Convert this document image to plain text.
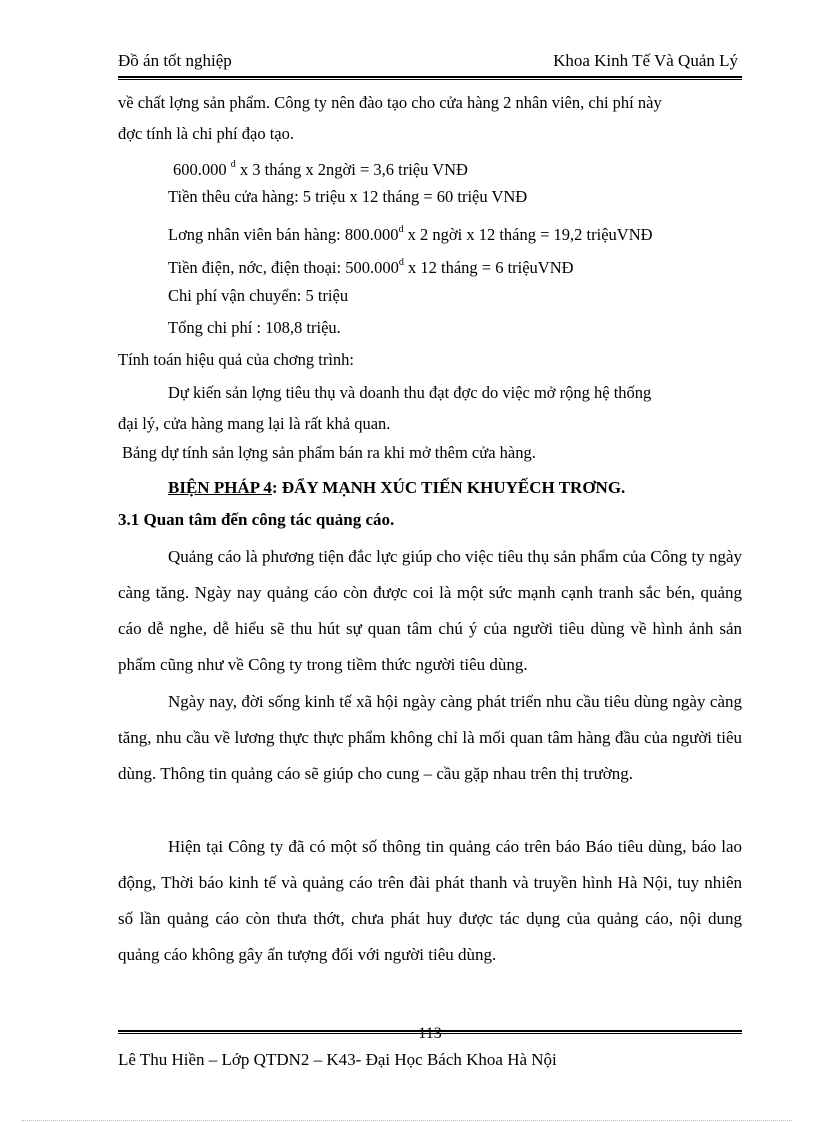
Đồ án tốt nghiệp	Khoa Kinh Tế Và Quản Lý
về chất lợng sản phẩm. Công ty nên đào tạo cho cửa hàng 2 nhân viên, chi phí này
đợc tính là chi phí đạo tạo.
600.000 $^d$ x 3 tháng x 2ngời = 3,6 triệu VNĐ
Tiền thêu cửa hàng: 5 triệu x 12 tháng = 60 triệu VNĐ
Lơng nhân viên bán hàng: 800.000$^d$ x 2 ngời x 12 tháng = 19,2 triệuVNĐ
Tiền điện, nớc, điện thoại: 500.000$^d$ x 12 tháng = 6 triệuVNĐ
Chi phí vận chuyển: 5 triệu
Tổng chi phí : 108,8 triệu.
Tính toán hiệu quả của chơng trình:
Dự kiến sản lợng tiêu thụ và doanh thu đạt đợc do việc mở rộng hệ thống
đại lý, cửa hàng mang lại là rất khả quan.
Bảng dự tính sản lợng sản phẩm bán ra khi mở thêm cửa hàng.
BIỆN PHÁP 4: ĐẨY MẠNH XÚC TIẾN KHUYẾCH TRƠNG.
3.1 Quan tâm đến công tác quảng cáo.
Quảng cáo là phương tiện đắc lực giúp cho việc tiêu thụ sản phẩm của Công ty ngày càng tăng. Ngày nay quảng cáo còn được coi là một sức mạnh cạnh tranh sắc bén, quảng cáo dễ nghe, dễ hiểu sẽ thu hút sự quan tâm chú ý của người tiêu dùng về hình ảnh sản phẩm cũng như về Công ty trong tiềm thức người tiêu dùng.
Ngày nay, đời sống kinh tế xã hội ngày càng phát triển nhu cầu tiêu dùng ngày càng tăng, nhu cầu về lương thực thực phẩm không chỉ là mối quan tâm hàng đầu của người tiêu dùng. Thông tin quảng cáo sẽ giúp cho cung – cầu gặp nhau trên thị trường.
Hiện tại Công ty đã có một số thông tin quảng cáo trên báo Báo tiêu dùng, báo lao động, Thời báo kinh tế và quảng cáo trên đài phát thanh và truyền hình Hà Nội, tuy nhiên số lần quảng cáo còn thưa thớt, chưa phát huy được tác dụng của quảng cáo, nội dung quảng cáo không gây ấn tượng đối với người tiêu dùng.
113
Lê Thu Hiền – Lớp QTDN2 – K43- Đại Học Bách Khoa Hà Nội
